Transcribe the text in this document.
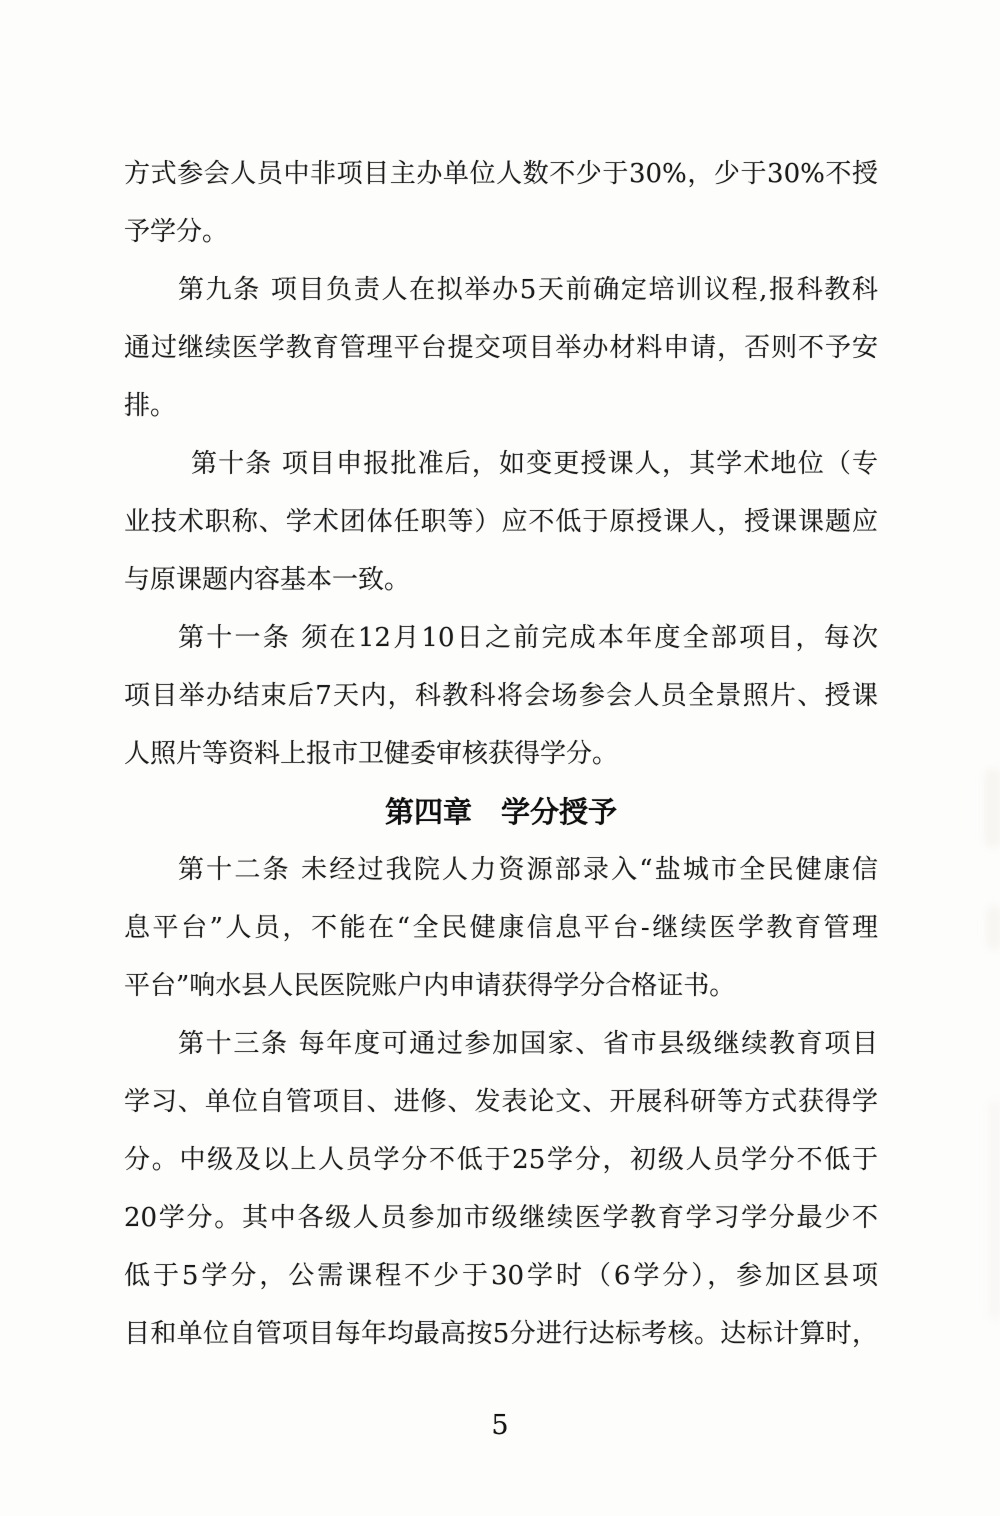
方式参会人员中非项目主办单位人数不少于30%，少于30%不授
予学分。

第九条 项目负责人在拟举办5天前确定培训议程,报科教科
通过继续医学教育管理平台提交项目举办材料申请，否则不予安
排。

第十条 项目申报批准后，如变更授课人，其学术地位（专
业技术职称、学术团体任职等）应不低于原授课人，授课课题应
与原课题内容基本一致。

第十一条 须在12月10日之前完成本年度全部项目，每次
项目举办结束后7天内，科教科将会场参会人员全景照片、授课
人照片等资料上报市卫健委审核获得学分。

第四章　学分授予

第十二条 未经过我院人力资源部录入“盐城市全民健康信
息平台”人员，不能在“全民健康信息平台-继续医学教育管理
平台”响水县人民医院账户内申请获得学分合格证书。

第十三条 每年度可通过参加国家、省市县级继续教育项目
学习、单位自管项目、进修、发表论文、开展科研等方式获得学
分。中级及以上人员学分不低于25学分，初级人员学分不低于
20学分。其中各级人员参加市级继续医学教育学习学分最少不
低于5学分，公需课程不少于30学时（6学分），参加区县项
目和单位自管项目每年均最高按5分进行达标考核。达标计算时，

5
